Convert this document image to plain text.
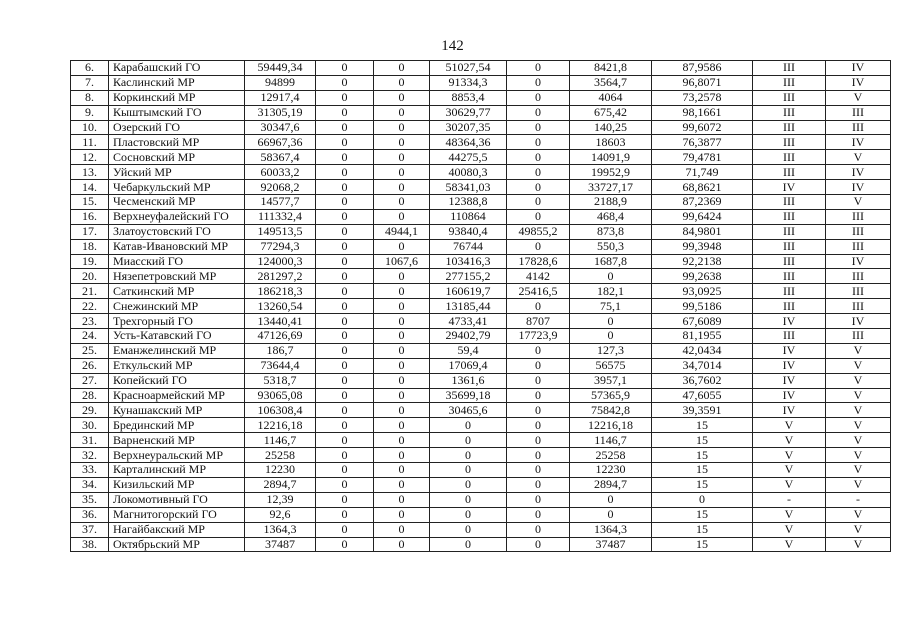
142
6.	Карабашский ГО	59449,34	0	0	51027,54	0	8421,8	87,9586	III	IV
7.	Каслинский МР	94899	0	0	91334,3	0	3564,7	96,8071	III	IV
8.	Коркинский МР	12917,4	0	0	8853,4	0	4064	73,2578	III	V
9.	Кыштымский ГО	31305,19	0	0	30629,77	0	675,42	98,1661	III	III
10.	Озерский ГО	30347,6	0	0	30207,35	0	140,25	99,6072	III	III
11.	Пластовский МР	66967,36	0	0	48364,36	0	18603	76,3877	III	IV
12.	Сосновский МР	58367,4	0	0	44275,5	0	14091,9	79,4781	III	V
13.	Уйский МР	60033,2	0	0	40080,3	0	19952,9	71,749	III	IV
14.	Чебаркульский МР	92068,2	0	0	58341,03	0	33727,17	68,8621	IV	IV
15.	Чесменский МР	14577,7	0	0	12388,8	0	2188,9	87,2369	III	V
16.	Верхнеуфалейский ГО	111332,4	0	0	110864	0	468,4	99,6424	III	III
17.	Златоустовский ГО	149513,5	0	4944,1	93840,4	49855,2	873,8	84,9801	III	III
18.	Катав-Ивановский МР	77294,3	0	0	76744	0	550,3	99,3948	III	III
19.	Миасский ГО	124000,3	0	1067,6	103416,3	17828,6	1687,8	92,2138	III	IV
20.	Нязепетровский МР	281297,2	0	0	277155,2	4142	0	99,2638	III	III
21.	Саткинский МР	186218,3	0	0	160619,7	25416,5	182,1	93,0925	III	III
22.	Снежинский МР	13260,54	0	0	13185,44	0	75,1	99,5186	III	III
23.	Трехгорный ГО	13440,41	0	0	4733,41	8707	0	67,6089	IV	IV
24.	Усть-Катавский ГО	47126,69	0	0	29402,79	17723,9	0	81,1955	III	III
25.	Еманжелинский МР	186,7	0	0	59,4	0	127,3	42,0434	IV	V
26.	Еткульский МР	73644,4	0	0	17069,4	0	56575	34,7014	IV	V
27.	Копейский ГО	5318,7	0	0	1361,6	0	3957,1	36,7602	IV	V
28.	Красноармейский МР	93065,08	0	0	35699,18	0	57365,9	47,6055	IV	V
29.	Кунашакский МР	106308,4	0	0	30465,6	0	75842,8	39,3591	IV	V
30.	Брединский МР	12216,18	0	0	0	0	12216,18	15	V	V
31.	Варненский МР	1146,7	0	0	0	0	1146,7	15	V	V
32.	Верхнеуральский МР	25258	0	0	0	0	25258	15	V	V
33.	Карталинский МР	12230	0	0	0	0	12230	15	V	V
34.	Кизильский МР	2894,7	0	0	0	0	2894,7	15	V	V
35.	Локомотивный ГО	12,39	0	0	0	0	0	0	-	-
36.	Магнитогорский ГО	92,6	0	0	0	0	0	15	V	V
37.	Нагайбакский МР	1364,3	0	0	0	0	1364,3	15	V	V
38.	Октябрьский МР	37487	0	0	0	0	37487	15	V	V
